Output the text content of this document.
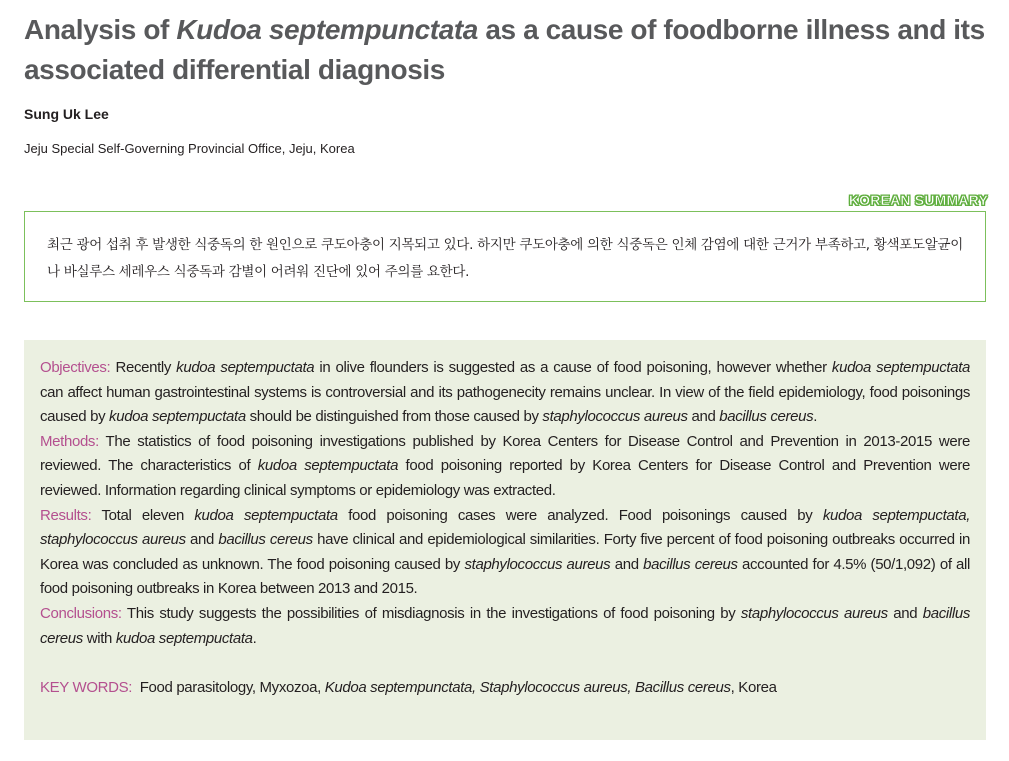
Analysis of Kudoa septempunctata as a cause of foodborne illness and its associated differential diagnosis

Sung Uk Lee

Jeju Special Self-Governing Provincial Office, Jeju, Korea

KOREAN SUMMARY

최근 광어 섭취 후 발생한 식중독의 한 원인으로 쿠도아충이 지목되고 있다. 하지만 쿠도아충에 의한 식중독은 인체 감염에 대한 근거가 부족하고, 황색포도알균이나 바실루스 세레우스 식중독과 감별이 어려워 진단에 있어 주의를 요한다.

Objectives: Recently kudoa septempuctata in olive flounders is suggested as a cause of food poisoning, however whether kudoa septempuctata can affect human gastrointestinal systems is controversial and its pathogenecity remains unclear. In view of the field epidemiology, food poisonings caused by kudoa septempuctata should be distinguished from those caused by staphylococcus aureus and bacillus cereus.

Methods: The statistics of food poisoning investigations published by Korea Centers for Disease Control and Prevention in 2013-2015 were reviewed. The characteristics of kudoa septempuctata food poisoning reported by Korea Centers for Disease Control and Prevention were reviewed. Information regarding clinical symptoms or epidemiology was extracted.

Results: Total eleven kudoa septempuctata food poisoning cases were analyzed. Food poisonings caused by kudoa septempuctata, staphylococcus aureus and bacillus cereus have clinical and epidemiological similarities. Forty five percent of food poisoning outbreaks occurred in Korea was concluded as unknown. The food poisoning caused by staphylococcus aureus and bacillus cereus accounted for 4.5% (50/1,092) of all food poisoning outbreaks in Korea between 2013 and 2015.

Conclusions: This study suggests the possibilities of misdiagnosis in the investigations of food poisoning by staphylococcus aureus and bacillus cereus with kudoa septempuctata.

KEY WORDS:  Food parasitology, Myxozoa, Kudoa septempunctata, Staphylococcus aureus, Bacillus cereus, Korea
